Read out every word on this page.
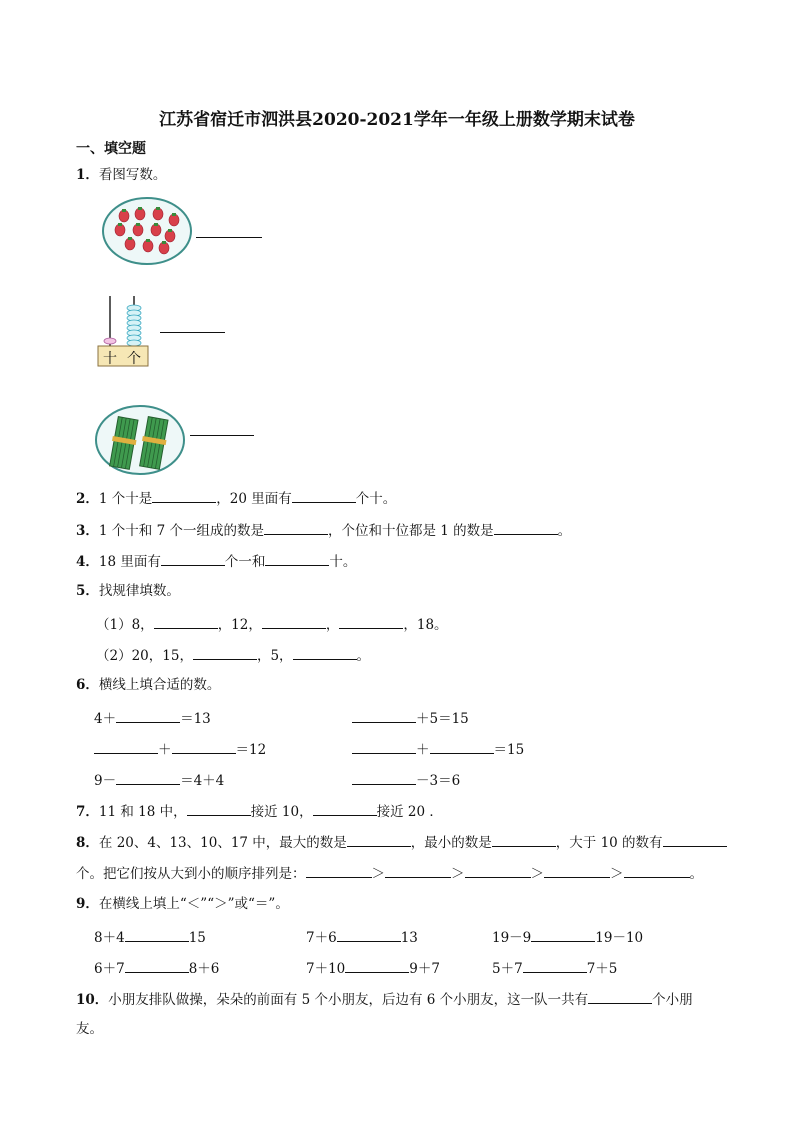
江苏省宿迁市泗洪县2020-2021学年一年级上册数学期末试卷
一、填空题
1．看图写数。
十 个
2．1 个十是	，20 里面有	个十。
3．1 个十和 7 个一组成的数是	，个位和十位都是 1 的数是	。
4．18 里面有	个一和	十。
5．找规律填数。
（1）8，	，12，	，	，18。
（2）20，15，	，5，	。
6．横线上填合适的数。
4＋	＝13	＋5＝15
＋	＝12	＋	＝15
9－	＝4＋4	－3＝6
7．11 和 18 中，	接近 10，	接近 20 ．
8．在 20、4、13、10、17 中，最大的数是	，最小的数是	，大于 10 的数有
个。把它们按从大到小的顺序排列是：	＞	＞	＞	＞	。
9．在横线上填上“＜”“＞”或“＝”。
8＋4	15	7＋6	13	19－9	19－10
6＋7	8＋6	7＋10	9＋7	5＋7	7＋5
10．小朋友排队做操，朵朵的前面有 5 个小朋友，后边有 6 个小朋友，这一队一共有	个小朋
友。
